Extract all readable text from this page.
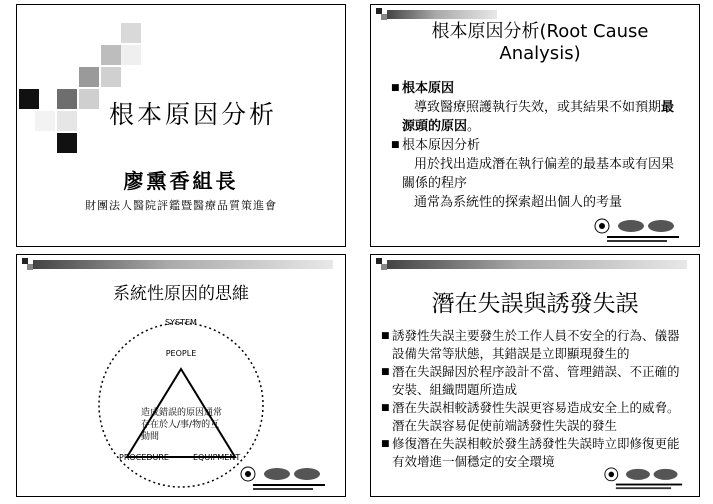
根本原因分析
廖熏香組長
財團法人醫院評鑑暨醫療品質策進會
根本原因分析(Root Cause Analysis)
■ 根本原因
導致醫療照護執行失效，或其結果不如預期最源頭的原因。
■ 根本原因分析
用於找出造成潛在執行偏差的最基本或有因果關係的程序
通常為系統性的探索超出個人的考量
系統性原因的思維
SYSTEM
PEOPLE
PROCEDURE	EQUIPMENT
造成錯誤的原因通常存在於人/事/物的互動間
潛在失誤與誘發失誤
■ 誘發性失誤主要發生於工作人員不安全的行為、儀器設備失常等狀態，其錯誤是立即顯現發生的
■ 潛在失誤歸因於程序設計不當、管理錯誤、不正確的安裝、組織問題所造成
■ 潛在失誤相較誘發性失誤更容易造成安全上的威脅。潛在失誤容易促使前端誘發性失誤的發生
■ 修復潛在失誤相較於發生誘發性失誤時立即修復更能有效增進一個穩定的安全環境
